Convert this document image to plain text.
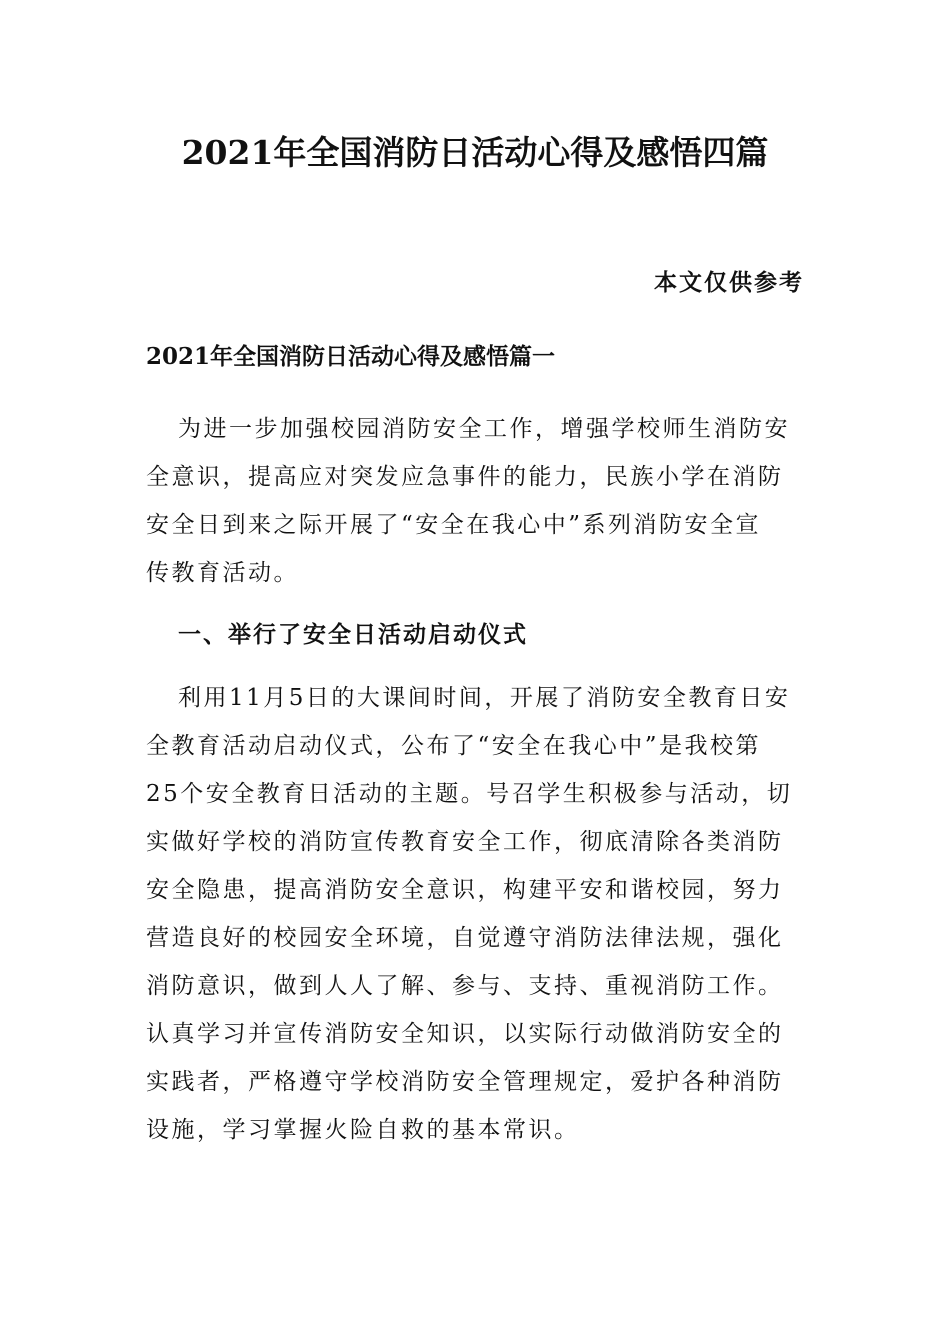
2021年全国消防日活动心得及感悟四篇
本文仅供参考
2021年全国消防日活动心得及感悟篇一
为进一步加强校园消防安全工作，增强学校师生消防安
全意识，提高应对突发应急事件的能力，民族小学在消防
安全日到来之际开展了“安全在我心中”系列消防安全宣
传教育活动。
一、举行了安全日活动启动仪式
利用11月5日的大课间时间，开展了消防安全教育日安
全教育活动启动仪式，公布了“安全在我心中”是我校第
25个安全教育日活动的主题。号召学生积极参与活动，切
实做好学校的消防宣传教育安全工作，彻底清除各类消防
安全隐患，提高消防安全意识，构建平安和谐校园，努力
营造良好的校园安全环境，自觉遵守消防法律法规，强化
消防意识，做到人人了解、参与、支持、重视消防工作。
认真学习并宣传消防安全知识，以实际行动做消防安全的
实践者，严格遵守学校消防安全管理规定，爱护各种消防
设施，学习掌握火险自救的基本常识。
